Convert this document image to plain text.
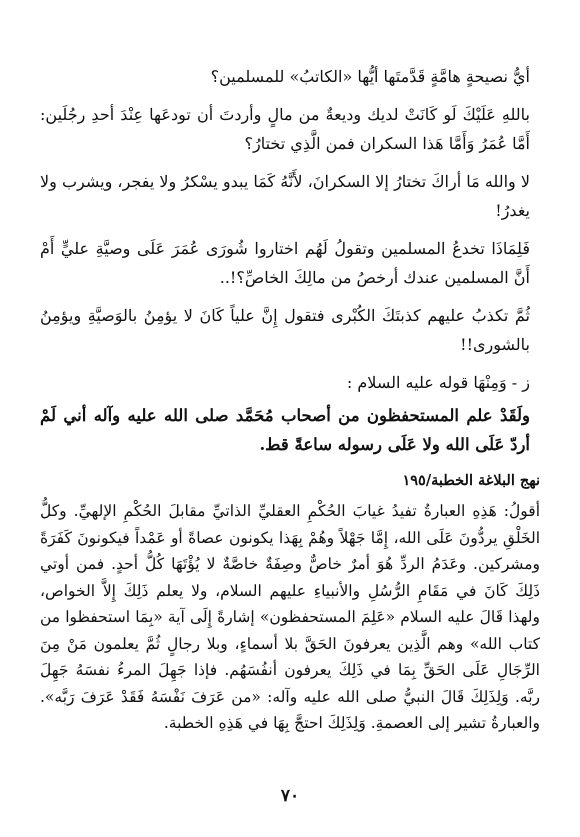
أيُّ نصيحةٍ هامَّةٍ قَدَّمتَها أيُّها «الكاتبُ» للمسلمين؟

باللهِ عَلَيْكَ لَو كَانَتْ لديك وديعةٌ من مالٍ وأردتَ أن تودعَها عِنْدَ أحدِ رجُلَين: أَمَّا عُمَرُ وَأَمَّا هَذا السكران فمن الَّذِي تختارُ؟

لا والله مَا أراكَ تختارُ إلا السكرانَ، لأَنَّهُ كَمَا يبدو يسْكرُ ولا يفجر، ويشرب ولا يغدرُ!

فَلِمَاذَا تخدعُ المسلمين وتقولُ لَهُم اختاروا شُورَى عُمَرَ عَلَى وصيَّةِ عليٍّ أَمْ أَنَّ المسلمين عندك أرخصُ من مالِكَ الخاصِّ؟!..

ثُمَّ تكذبُ عليهم كذبتَكَ الكُبْرى فتقول إِنَّ علياً كَانَ لا يؤمِنُ بالوَصيَّةِ ويؤمِنُ بالشورى!!

ز - وَمِنْهَا قوله عليه السلام :

ولَقَدْ علم المستحفظون من أصحاب مُحَمَّد صلى الله عليه وآله أني لَمْ أردّ عَلَى الله ولا عَلَى رسوله ساعةً قط.

نهج البلاغة الخطبة/١٩٥

أقولُ: هَذِهِ العبارةُ تفيدُ غيابَ الحُكْمِ العقليِّ الذاتيِّ مقابلَ الحُكْمِ الإلهيِّ. وكلُّ الخَلْقِ يردُّونَ عَلَى الله، إِمَّا جَهْلاً وهُمْ بِهَذا يكونون عصاةً أو عَمْداً فيكونونَ كَفَرَةً ومشركين. وعَدَمُ الردِّ هُوَ أمرٌ خاصٌّ وصِفَةٌ خاصَّةٌ لا يُؤْتَهَا كُلُّ أحدٍ. فمن أوتي ذَلِكَ كَانَ في مَقَامِ الرُّسُلِ والأنبياءِ عليهم السلام، ولا يعلم ذَلِكَ إِلاَّ الخواص، ولهذا قَالَ عليه السلام «عَلِمَ المستحفظون» إشارةً إِلَى آية «بِمَا استحفظوا من كتاب الله» وهم الَّذِين يعرفونَ الحَقَّ بلا أسماءٍ، وبلا رجالٍ ثُمَّ يعلمون مَنْ مِنَ الرِّجَالِ عَلَى الحَقِّ بِمَا في ذَلِكَ يعرفون أنفُسَهُم. فإذا جَهِلَ المرءُ نفسَهُ جَهِلَ ربَّه. وَلِذَلِكَ قَالَ النبيُّ صلى الله عليه وآله: «من عَرَفَ نَفْسَهُ فَقَدْ عَرَفَ رَبَّه». والعبارةُ تشير إلى العصمةِ. وَلِذَلِكَ احتجَّ بِهَا في هَذِهِ الخطبة.

٧٠
